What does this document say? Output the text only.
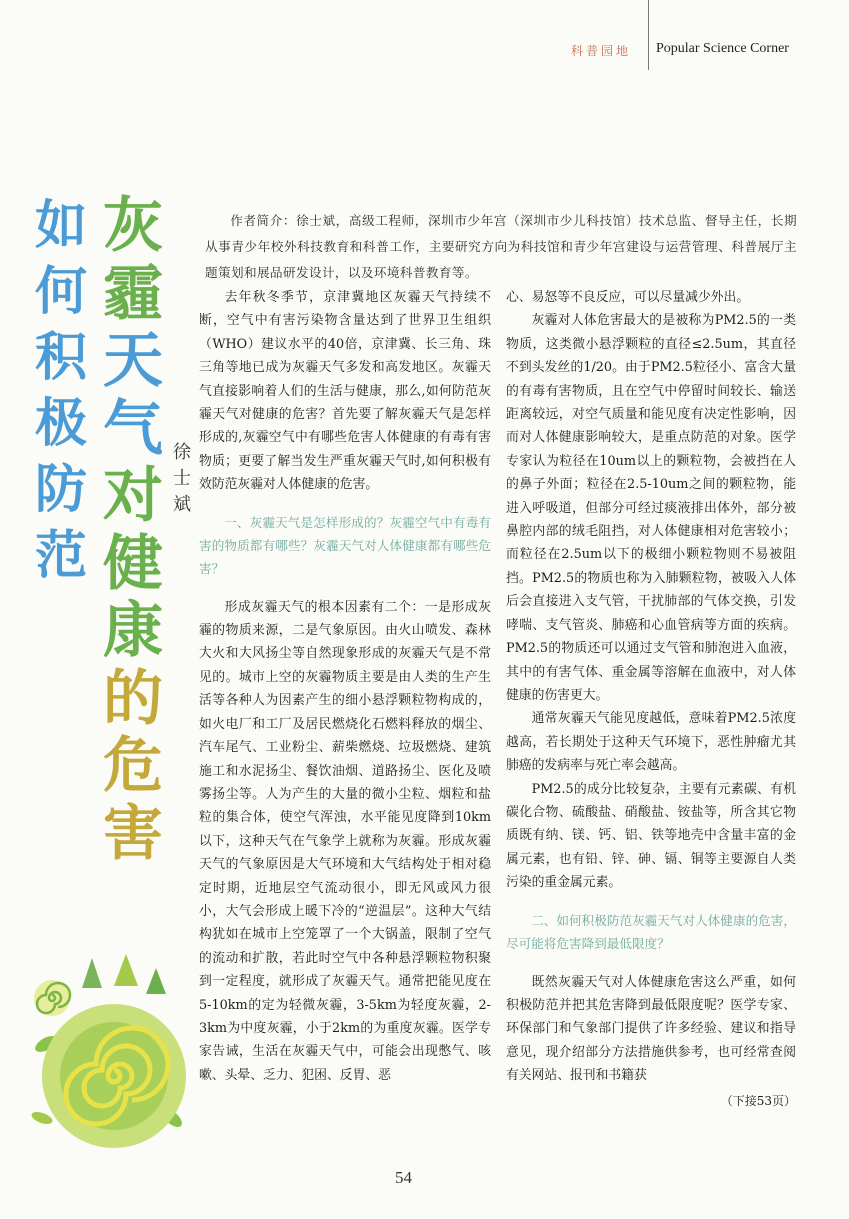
科普园地 Popular Science Corner
如
何
积
极
防
范
灰
霾
天
气
对
健
康
的
危
害
徐
士
斌
作者简介：徐士斌，高级工程师，深圳市少年宫（深圳市少儿科技馆）技术总监、督导主任，长期从事青少年校外科技教育和科普工作，主要研究方向为科技馆和青少年宫建设与运营管理、科普展厅主题策划和展品研发设计，以及环境科普教育等。

去年秋冬季节，京津冀地区灰霾天气持续不断，空气中有害污染物含量达到了世界卫生组织（WHO）建议水平的40倍，京津冀、长三角、珠三角等地已成为灰霾天气多发和高发地区。灰霾天气直接影响着人们的生活与健康，那么,如何防范灰霾天气对健康的危害？首先要了解灰霾天气是怎样形成的,灰霾空气中有哪些危害人体健康的有毒有害物质；更要了解当发生严重灰霾天气时,如何积极有效防范灰霾对人体健康的危害。

一、灰霾天气是怎样形成的？灰霾空气中有毒有害的物质都有哪些？灰霾天气对人体健康都有哪些危害？

形成灰霾天气的根本因素有二个：一是形成灰霾的物质来源，二是气象原因。由火山喷发、森林大火和大风扬尘等自然现象形成的灰霾天气是不常见的。城市上空的灰霾物质主要是由人类的生产生活等各种人为因素产生的细小悬浮颗粒物构成的，如火电厂和工厂及居民燃烧化石燃料释放的烟尘、汽车尾气、工业粉尘、薪柴燃烧、垃圾燃烧、建筑施工和水泥扬尘、餐饮油烟、道路扬尘、医化及喷雾扬尘等。人为产生的大量的微小尘粒、烟粒和盐粒的集合体，使空气浑浊，水平能见度降到10km以下，这种天气在气象学上就称为灰霾。形成灰霾天气的气象原因是大气环境和大气结构处于相对稳定时期，近地层空气流动很小，即无风或风力很小，大气会形成上暖下冷的“逆温层”。这种大气结构犹如在城市上空笼罩了一个大锅盖，限制了空气的流动和扩散，若此时空气中各种悬浮颗粒物积聚到一定程度，就形成了灰霾天气。通常把能见度在5-10km的定为轻微灰霾，3-5km为轻度灰霾，2-3km为中度灰霾，小于2km的为重度灰霾。医学专家告诫，生活在灰霾天气中，可能会出现憋气、咳嗽、头晕、乏力、犯困、反胃、恶

心、易怒等不良反应，可以尽量减少外出。

灰霾对人体危害最大的是被称为PM2.5的一类物质，这类微小悬浮颗粒的直径≤2.5um，其直径不到头发丝的1/20。由于PM2.5粒径小、富含大量的有毒有害物质，且在空气中停留时间较长、输送距离较远，对空气质量和能见度有决定性影响，因而对人体健康影响较大，是重点防范的对象。医学专家认为粒径在10um以上的颗粒物，会被挡在人的鼻子外面；粒径在2.5-10um之间的颗粒物，能进入呼吸道，但部分可经过痰液排出体外，部分被鼻腔内部的绒毛阻挡，对人体健康相对危害较小；而粒径在2.5um以下的极细小颗粒物则不易被阻挡。PM2.5的物质也称为入肺颗粒物，被吸入人体后会直接进入支气管，干扰肺部的气体交换，引发哮喘、支气管炎、肺癌和心血管病等方面的疾病。PM2.5的物质还可以通过支气管和肺泡进入血液，其中的有害气体、重金属等溶解在血液中，对人体健康的伤害更大。

通常灰霾天气能见度越低，意味着PM2.5浓度越高，若长期处于这种天气环境下，恶性肿瘤尤其肺癌的发病率与死亡率会越高。

PM2.5的成分比较复杂，主要有元素碳、有机碳化合物、硫酸盐、硝酸盐、铵盐等，所含其它物质既有纳、镁、钙、铝、铁等地壳中含量丰富的金属元素，也有铅、锌、砷、镉、铜等主要源自人类污染的重金属元素。

二、如何积极防范灰霾天气对人体健康的危害，尽可能将危害降到最低限度？

既然灰霾天气对人体健康危害这么严重，如何积极防范并把其危害降到最低限度呢？医学专家、环保部门和气象部门提供了许多经验、建议和指导意见，现介绍部分方法措施供参考，也可经常查阅有关网站、报刊和书籍获

（下接53页）
54
